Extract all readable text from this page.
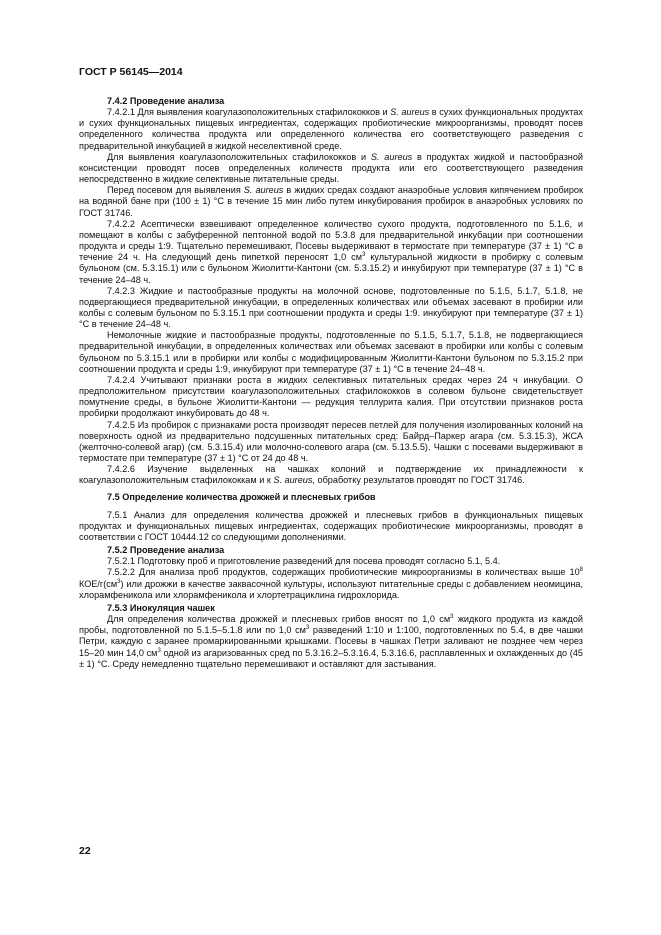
ГОСТ Р 56145—2014

7.4.2 Проведение анализа

7.4.2.1 Для выявления коагулазоположительных стафилококков и S. aureus в сухих функциональных продуктах и сухих функциональных пищевых ингредиентах, содержащих пробиотические микроорганизмы, проводят посев определенного количества продукта или определенного количества его соответствующего разведения с предварительной инкубацией в жидкой неселективной среде.

Для выявления коагулазоположительных стафилококков и S. aureus в продуктах жидкой и пастообразной консистенции проводят посев определенных количеств продукта или его соответствующего разведения непосредственно в жидкие селективные питательные среды.

Перед посевом для выявления S. aureus в жидких средах создают анаэробные условия кипячением пробирок на водяной бане при (100 ± 1) °С в течение 15 мин либо путем инкубирования пробирок в анаэробных условиях по ГОСТ 31746.

7.4.2.2 Асептически взвешивают определенное количество сухого продукта, подготовленного по 5.1.6, и помещают в колбы с забуференной пептонной водой по 5.3.8 для предварительной инкубации при соотношении продукта и среды 1:9. Тщательно перемешивают, Посевы выдерживают в термостате при температуре (37 ± 1) °С в течение 24 ч. На следующий день пипеткой переносят 1,0 $см^3$ культуральной жидкости в пробирку с солевым бульоном (см. 5.3.15.1) или с бульоном Жиолитти-Кантони (см. 5.3.15.2) и инкубируют при температуре (37 ± 1) °С в течение 24–48 ч.

7.4.2.3 Жидкие и пастообразные продукты на молочной основе, подготовленные по 5.1.5, 5.1.7, 5.1.8, не подвергающиеся предварительной инкубации, в определенных количествах или объемах засевают в пробирки или колбы с солевым бульоном по 5.3.15.1 при соотношении продукта и среды 1:9. инкубируют при температуре (37 ± 1) °С в течение 24–48 ч.

Немолочные жидкие и пастообразные продукты, подготовленные по 5.1.5, 5.1.7, 5.1.8, не подвергающиеся предварительной инкубации, в определенных количествах или объемах засевают в пробирки или колбы с солевым бульоном по 5.3.15.1 или в пробирки или колбы с модифицированным Жиолитти-Кантони бульоном по 5.3.15.2 при соотношении продукта и среды 1:9, инкубируют при температуре (37 ± 1) °С в течение 24–48 ч.

7.4.2.4 Учитывают признаки роста в жидких селективных питательных средах через 24 ч инкубации. О предположительном присутствии коагулазоположительных стафилококков в солевом бульоне свидетельствует помутнение среды, в бульоне Жиолитти-Кантони — редукция теллурита калия. При отсутствии признаков роста пробирки продолжают инкубировать до 48 ч.

7.4.2.5 Из пробирок с признаками роста производят пересев петлей для получения изолированных колоний на поверхность одной из предварительно подсушенных питательных сред: Байрд–Паркер агара (см. 5.3.15.3), ЖСА (желточно-солевой агар) (см. 5.3.15.4) или молочно-солевого агара (см. 5.13.5.5). Чашки с посевами выдерживают в термостате при температуре (37 ± 1) °С от 24 до 48 ч.

7.4.2.6 Изучение выделенных на чашках колоний и подтверждение их принадлежности к коагулазоположительным стафилококкам и к S. aureus, обработку результатов проводят по ГОСТ 31746.

7.5 Определение количества дрожжей и плесневых грибов

7.5.1 Анализ для определения количества дрожжей и плесневых грибов в функциональных пищевых продуктах и функциональных пищевых ингредиентах, содержащих пробиотические микроорганизмы, проводят в соответствии с ГОСТ 10444.12 со следующими дополнениями.

7.5.2 Проведение анализа

7.5.2.1 Подготовку проб и приготовление разведений для посева проводят согласно 5.1, 5.4.

7.5.2.2 Для анализа проб продуктов, содержащих пробиотические микроорганизмы в количествах выше $10^8$ КОЕ/$г(см^3)$ или дрожжи в качестве заквасочной культуры, используют питательные среды с добавлением неомицина, хлорамфеникола или хлорамфеникола и хлортетрациклина гидрохлорида.

7.5.3 Инокуляция чашек

Для определения количества дрожжей и плесневых грибов вносят по 1,0 $см^3$ жидкого продукта из каждой пробы, подготовленной по 5.1.5–5.1.8 или по 1,0 $см^3$ разведений 1:10 и 1:100, подготовленных по 5.4, в две чашки Петри, каждую с заранее промаркированными крышками. Посевы в чашках Петри заливают не позднее чем через 15–20 мин 14,0 $см^3$ одной из агаризованных сред по 5.3.16.2–5.3.16.4, 5.3.16.6, расплавленных и охлажденных до (45 ± 1) °С. Среду немедленно тщательно перемешивают и оставляют для застывания.

22
